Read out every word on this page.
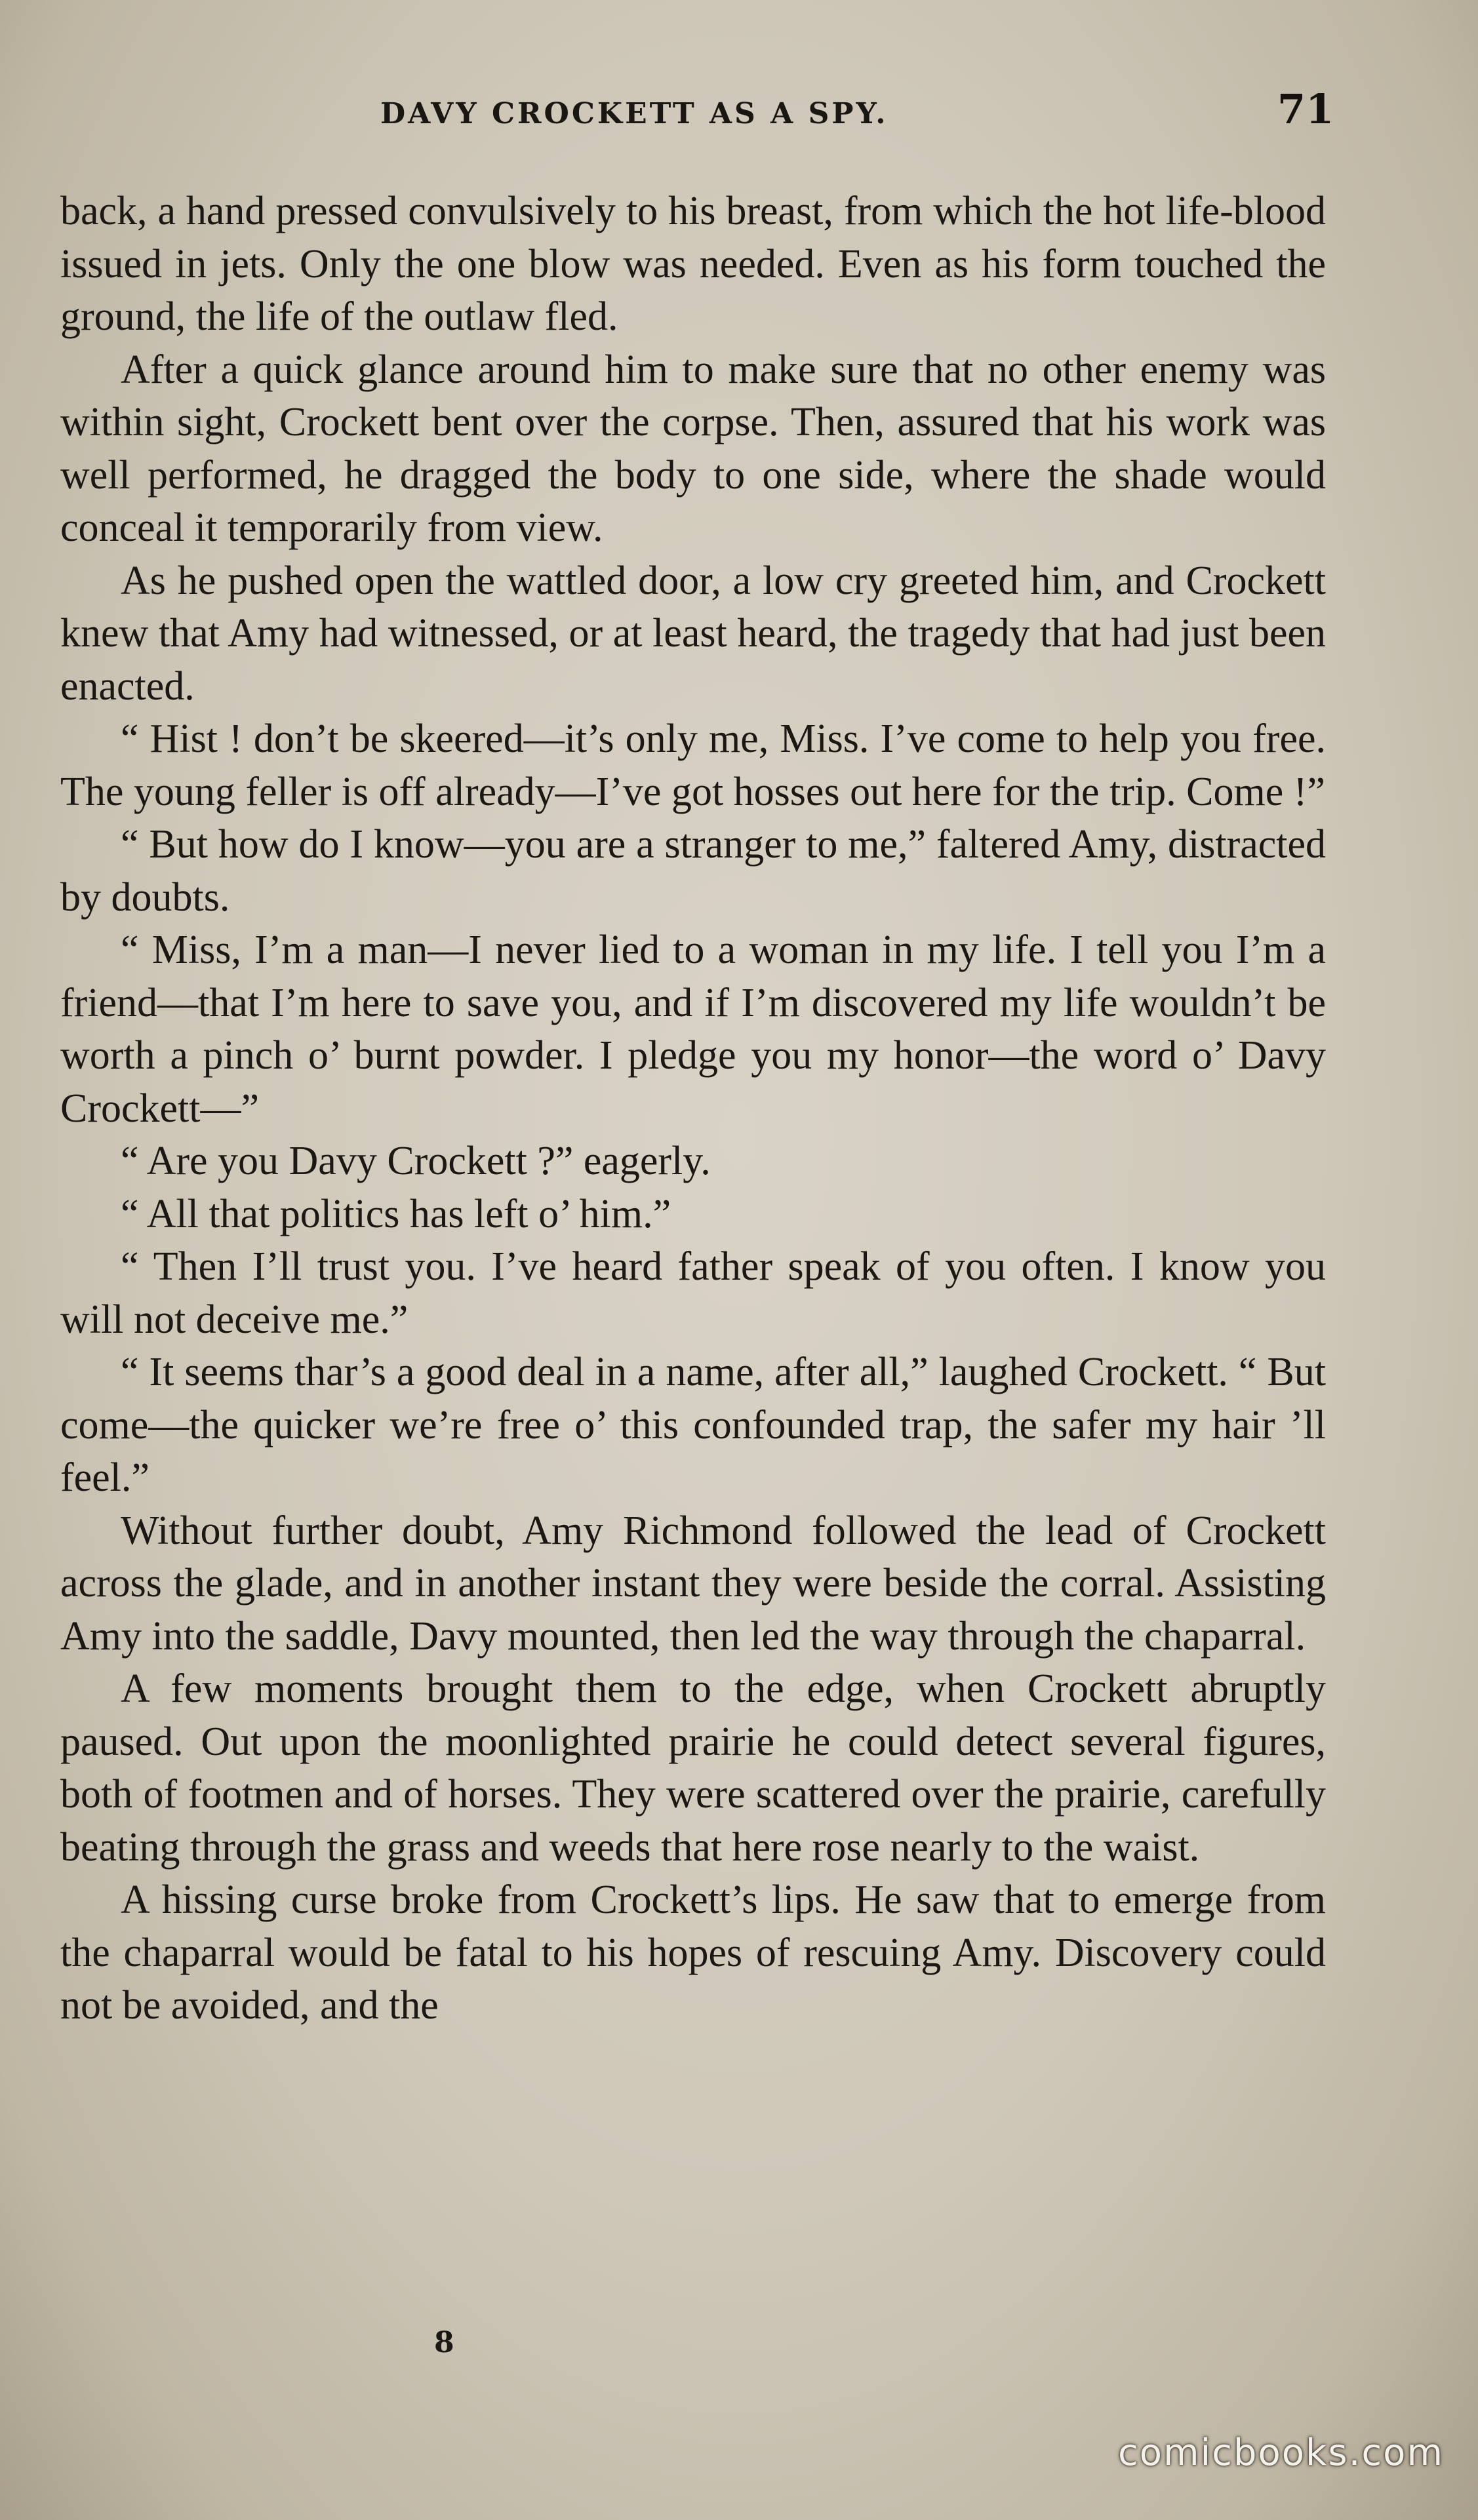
DAVY CROCKETT AS A SPY.	71

back, a hand pressed convulsively to his breast, from which the hot life-blood issued in jets. Only the one blow was needed. Even as his form touched the ground, the life of the outlaw fled.

After a quick glance around him to make sure that no other enemy was within sight, Crockett bent over the corpse. Then, assured that his work was well performed, he dragged the body to one side, where the shade would conceal it temporarily from view.

As he pushed open the wattled door, a low cry greeted him, and Crockett knew that Amy had witnessed, or at least heard, the tragedy that had just been enacted.

“ Hist ! don’t be skeered—it’s only me, Miss. I’ve come to help you free. The young feller is off already—I’ve got hosses out here for the trip. Come !”

“ But how do I know—you are a stranger to me,” faltered Amy, distracted by doubts.

“ Miss, I’m a man—I never lied to a woman in my life. I tell you I’m a friend—that I’m here to save you, and if I’m discovered my life wouldn’t be worth a pinch o’ burnt powder. I pledge you my honor—the word o’ Davy Crockett—”

“ Are you Davy Crockett ?” eagerly.

“ All that politics has left o’ him.”

“ Then I’ll trust you. I’ve heard father speak of you often. I know you will not deceive me.”

“ It seems thar’s a good deal in a name, after all,” laughed Crockett. “ But come—the quicker we’re free o’ this confounded trap, the safer my hair ’ll feel.”

Without further doubt, Amy Richmond followed the lead of Crockett across the glade, and in another instant they were beside the corral. Assisting Amy into the saddle, Davy mounted, then led the way through the chaparral.

A few moments brought them to the edge, when Crockett abruptly paused. Out upon the moonlighted prairie he could detect several figures, both of footmen and of horses. They were scattered over the prairie, carefully beating through the grass and weeds that here rose nearly to the waist.

A hissing curse broke from Crockett’s lips. He saw that to emerge from the chaparral would be fatal to his hopes of rescuing Amy. Discovery could not be avoided, and the

8
comicbooks.com
